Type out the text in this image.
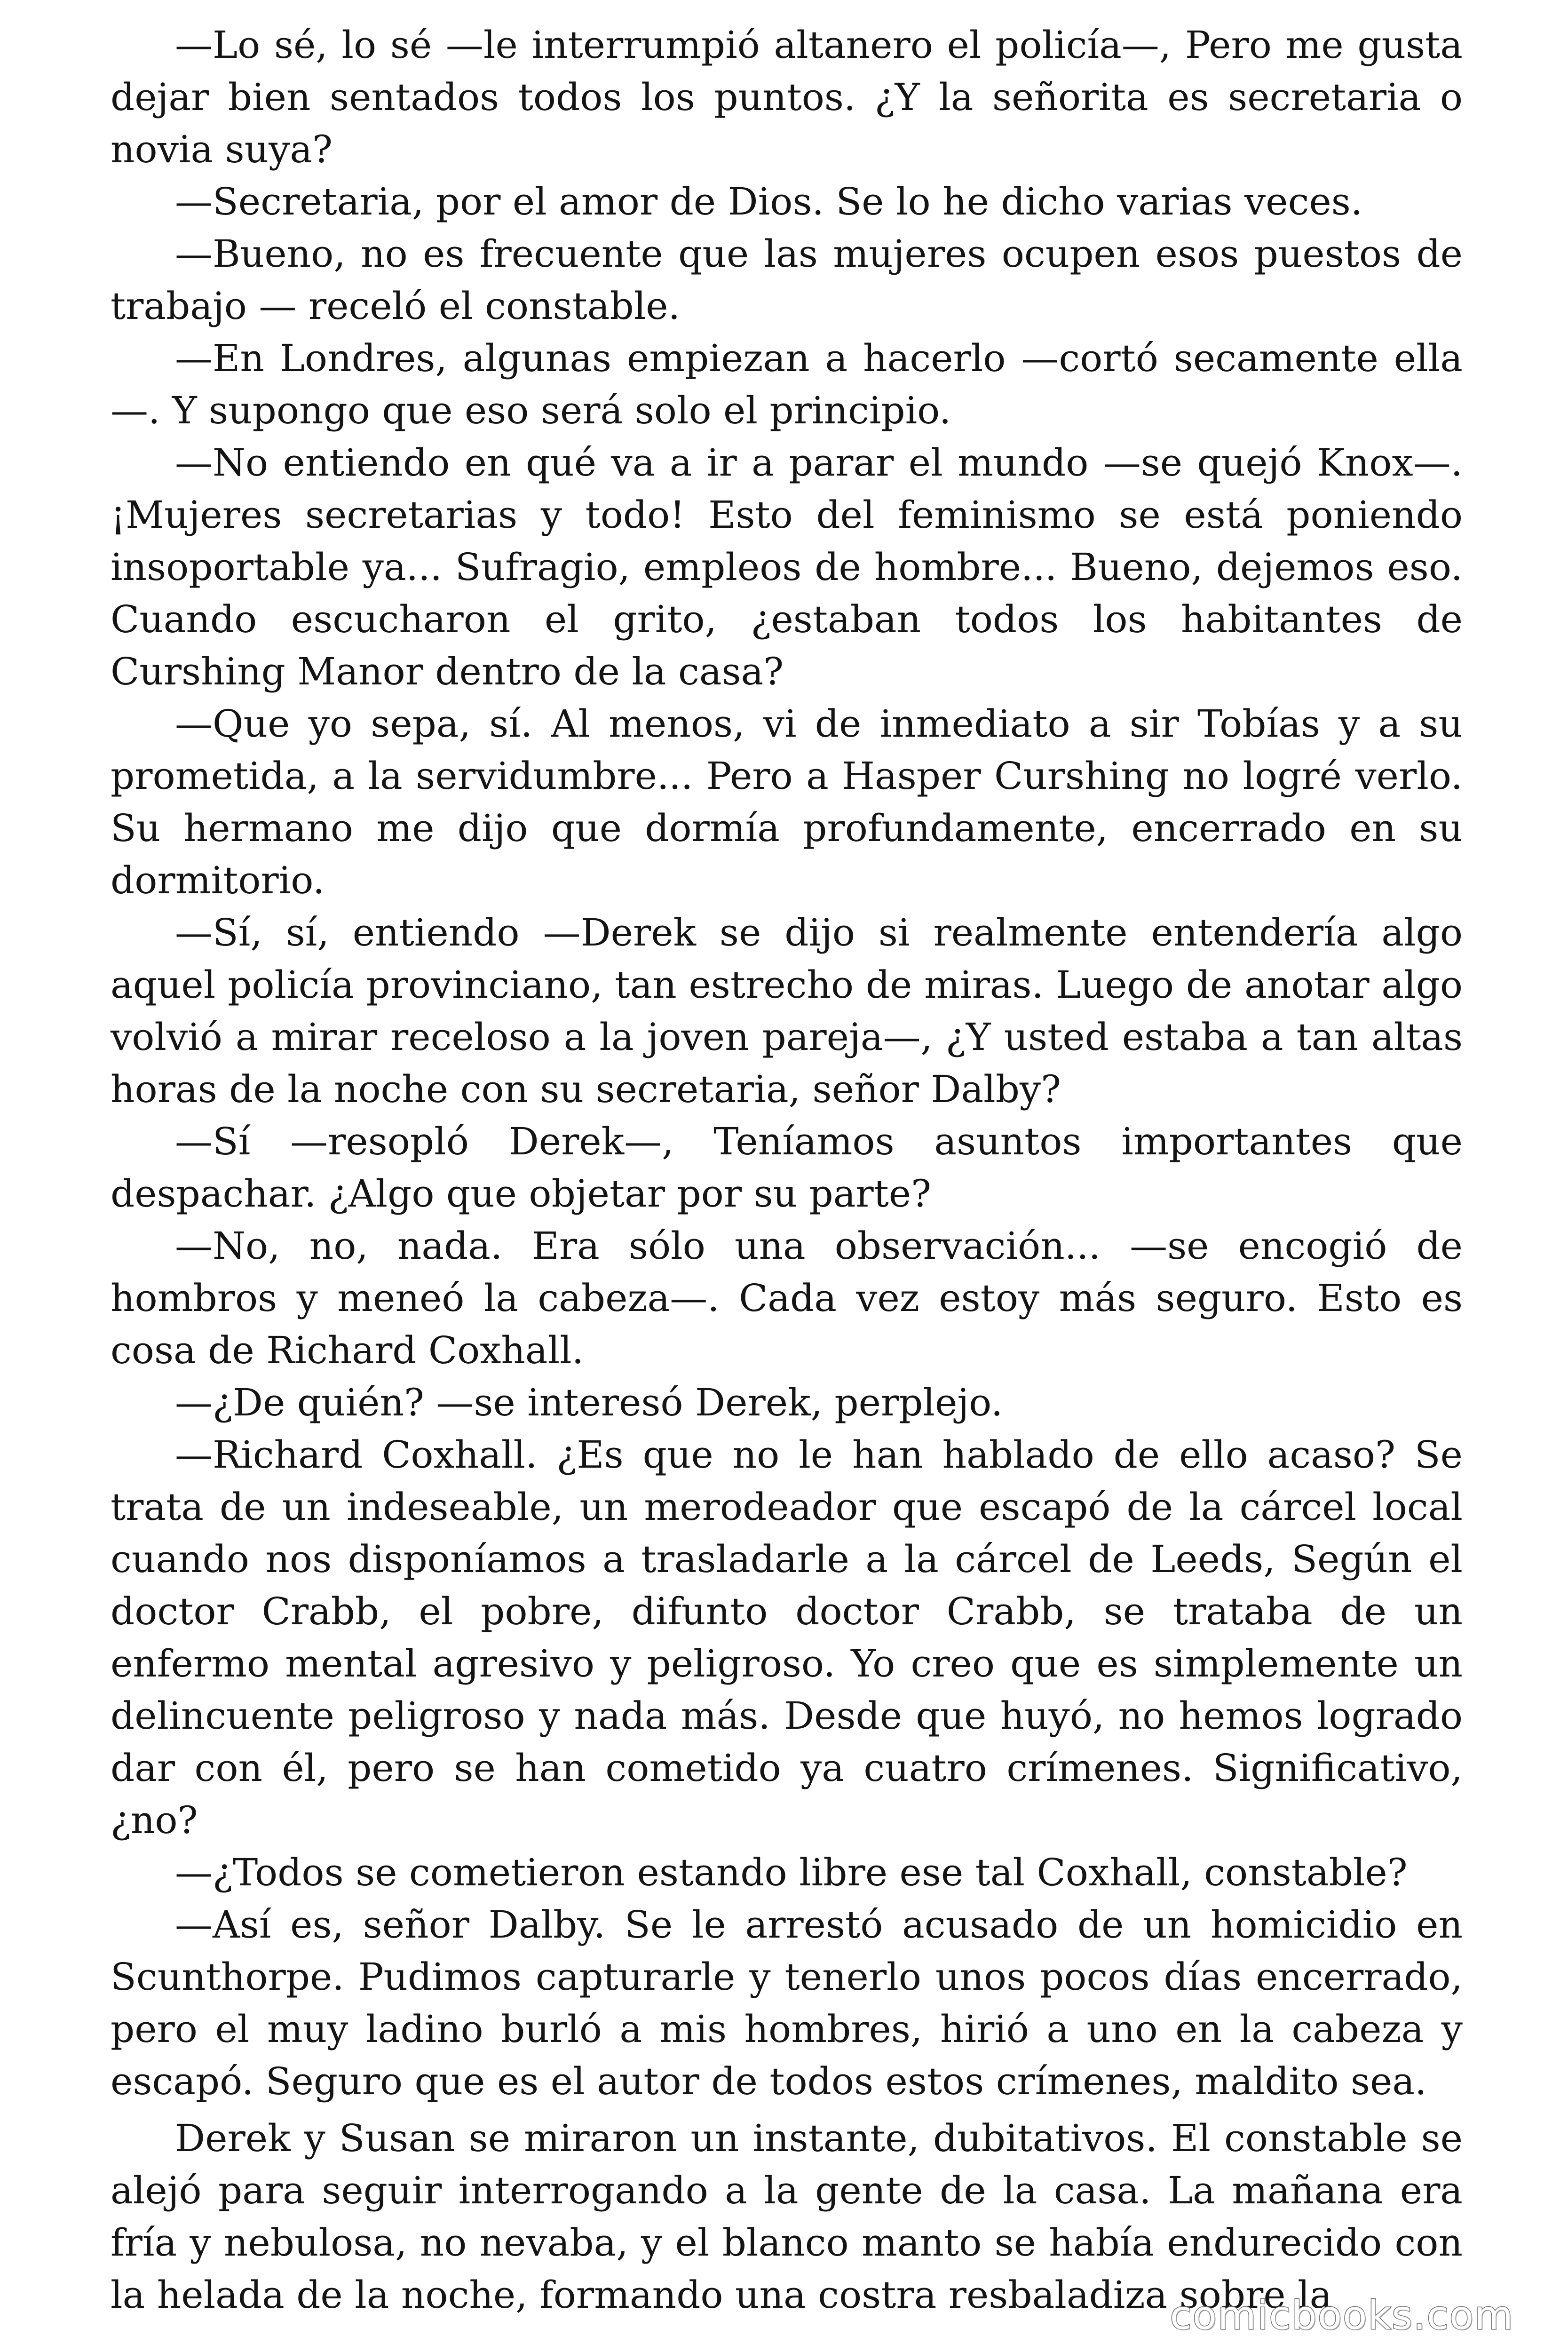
—Lo sé, lo sé —le interrumpió altanero el policía—, Pero me gusta dejar bien sentados todos los puntos. ¿Y la señorita es secretaria o novia suya?

—Secretaria, por el amor de Dios. Se lo he dicho varias veces.

—Bueno, no es frecuente que las mujeres ocupen esos puestos de trabajo — receló el constable.

—En Londres, algunas empiezan a hacerlo —cortó secamente ella —. Y supongo que eso será solo el principio.

—No entiendo en qué va a ir a parar el mundo —se quejó Knox—. ¡Mujeres secretarias y todo! Esto del feminismo se está poniendo insoportable ya... Sufragio, empleos de hombre... Bueno, dejemos eso. Cuando escucharon el grito, ¿estaban todos los habitantes de Curshing Manor dentro de la casa?

—Que yo sepa, sí. Al menos, vi de inmediato a sir Tobías y a su prometida, a la servidumbre... Pero a Hasper Curshing no logré verlo. Su hermano me dijo que dormía profundamente, encerrado en su dormitorio.

—Sí, sí, entiendo —Derek se dijo si realmente entendería algo aquel policía provinciano, tan estrecho de miras. Luego de anotar algo volvió a mirar receloso a la joven pareja—, ¿Y usted estaba a tan altas horas de la noche con su secretaria, señor Dalby?

—Sí —resopló Derek—, Teníamos asuntos importantes que despachar. ¿Algo que objetar por su parte?

—No, no, nada. Era sólo una observación... —se encogió de hombros y meneó la cabeza—. Cada vez estoy más seguro. Esto es cosa de Richard Coxhall.

—¿De quién? —se interesó Derek, perplejo.

—Richard Coxhall. ¿Es que no le han hablado de ello acaso? Se trata de un indeseable, un merodeador que escapó de la cárcel local cuando nos disponíamos a trasladarle a la cárcel de Leeds, Según el doctor Crabb, el pobre, difunto doctor Crabb, se trataba de un enfermo mental agresivo y peligroso. Yo creo que es simplemente un delincuente peligroso y nada más. Desde que huyó, no hemos logrado dar con él, pero se han cometido ya cuatro crímenes. Significativo, ¿no?

—¿Todos se cometieron estando libre ese tal Coxhall, constable?

—Así es, señor Dalby. Se le arrestó acusado de un homicidio en Scunthorpe. Pudimos capturarle y tenerlo unos pocos días encerrado, pero el muy ladino burló a mis hombres, hirió a uno en la cabeza y escapó. Seguro que es el autor de todos estos crímenes, maldito sea.

Derek y Susan se miraron un instante, dubitativos. El constable se alejó para seguir interrogando a la gente de la casa. La mañana era fría y nebulosa, no nevaba, y el blanco manto se había endurecido con la helada de la noche, formando una costra resbaladiza sobre la

comicbooks.com
